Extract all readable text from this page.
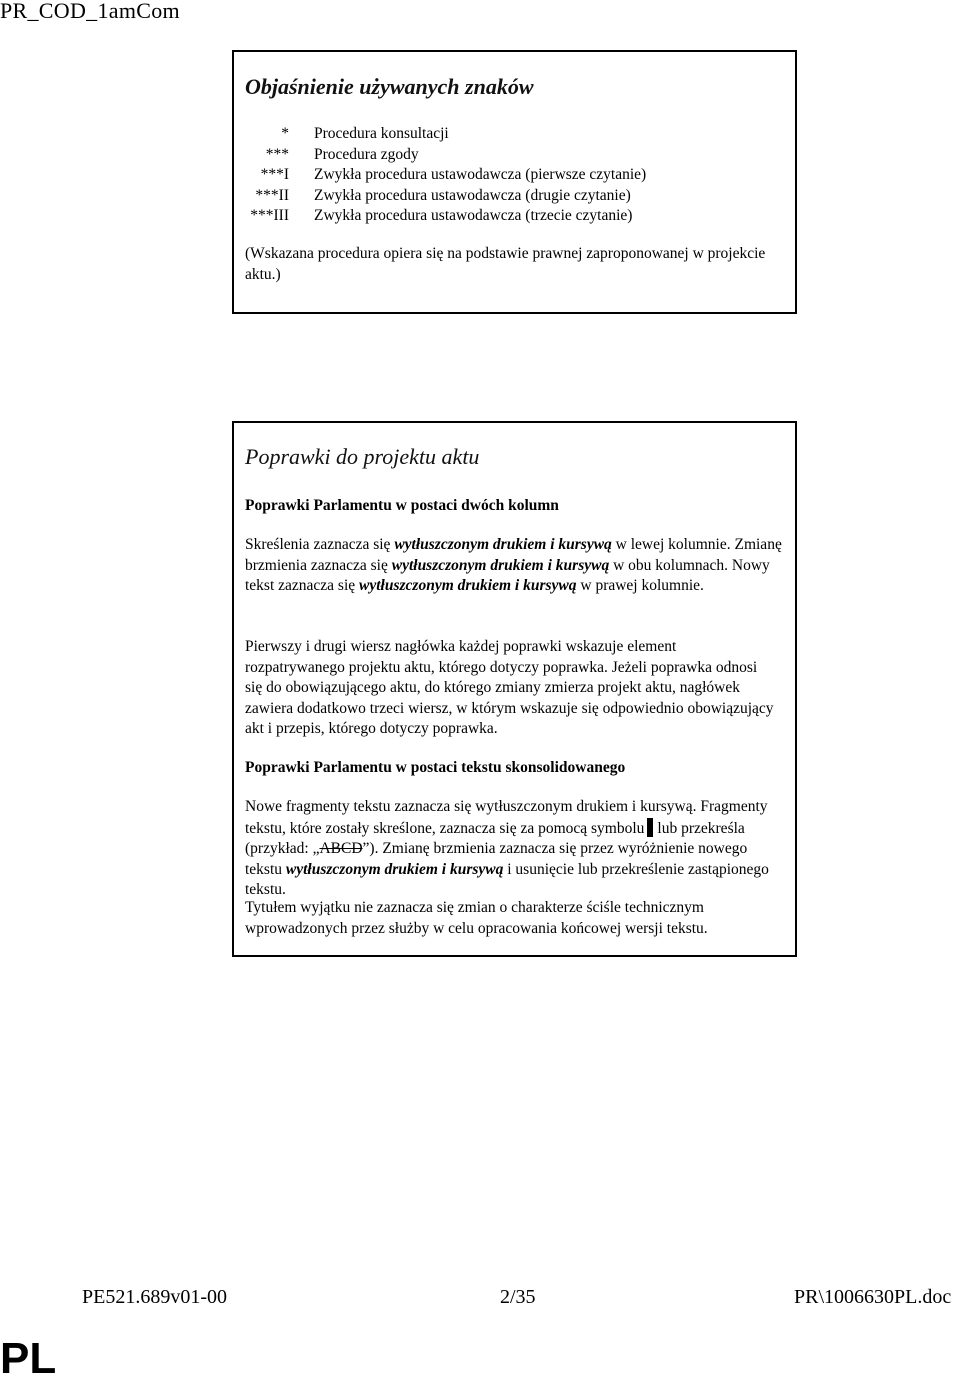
PR_COD_1amCom
Objaśnienie używanych znaków
* Procedura konsultacji
*** Procedura zgody
***I Zwykła procedura ustawodawcza (pierwsze czytanie)
***II Zwykła procedura ustawodawcza (drugie czytanie)
***III Zwykła procedura ustawodawcza (trzecie czytanie)
(Wskazana procedura opiera się na podstawie prawnej zaproponowanej w projekcie aktu.)
Poprawki do projektu aktu
Poprawki Parlamentu w postaci dwóch kolumn
Skreślenia zaznacza się wytłuszczonym drukiem i kursywą w lewej kolumnie. Zmianę brzmienia zaznacza się wytłuszczonym drukiem i kursywą w obu kolumnach. Nowy tekst zaznacza się wytłuszczonym drukiem i kursywą w prawej kolumnie.
Pierwszy i drugi wiersz nagłówka każdej poprawki wskazuje element rozpatrywanego projektu aktu, którego dotyczy poprawka. Jeżeli poprawka odnosi się do obowiązującego aktu, do którego zmiany zmierza projekt aktu, nagłówek zawiera dodatkowo trzeci wiersz, w którym wskazuje się odpowiednio obowiązujący akt i przepis, którego dotyczy poprawka.
Poprawki Parlamentu w postaci tekstu skonsolidowanego
Nowe fragmenty tekstu zaznacza się wytłuszczonym drukiem i kursywą. Fragmenty tekstu, które zostały skreślone, zaznacza się za pomocą symbolu lub przekreśla (przykład: „ABCD”). Zmianę brzmienia zaznacza się przez wyróżnienie nowego tekstu wytłuszczonym drukiem i kursywą i usunięcie lub przekreślenie zastąpionego tekstu.
Tytułem wyjątku nie zaznacza się zmian o charakterze ściśle technicznym wprowadzonych przez służby w celu opracowania końcowej wersji tekstu.
PE521.689v01-00	2/35	PR\1006630PL.doc
PL
